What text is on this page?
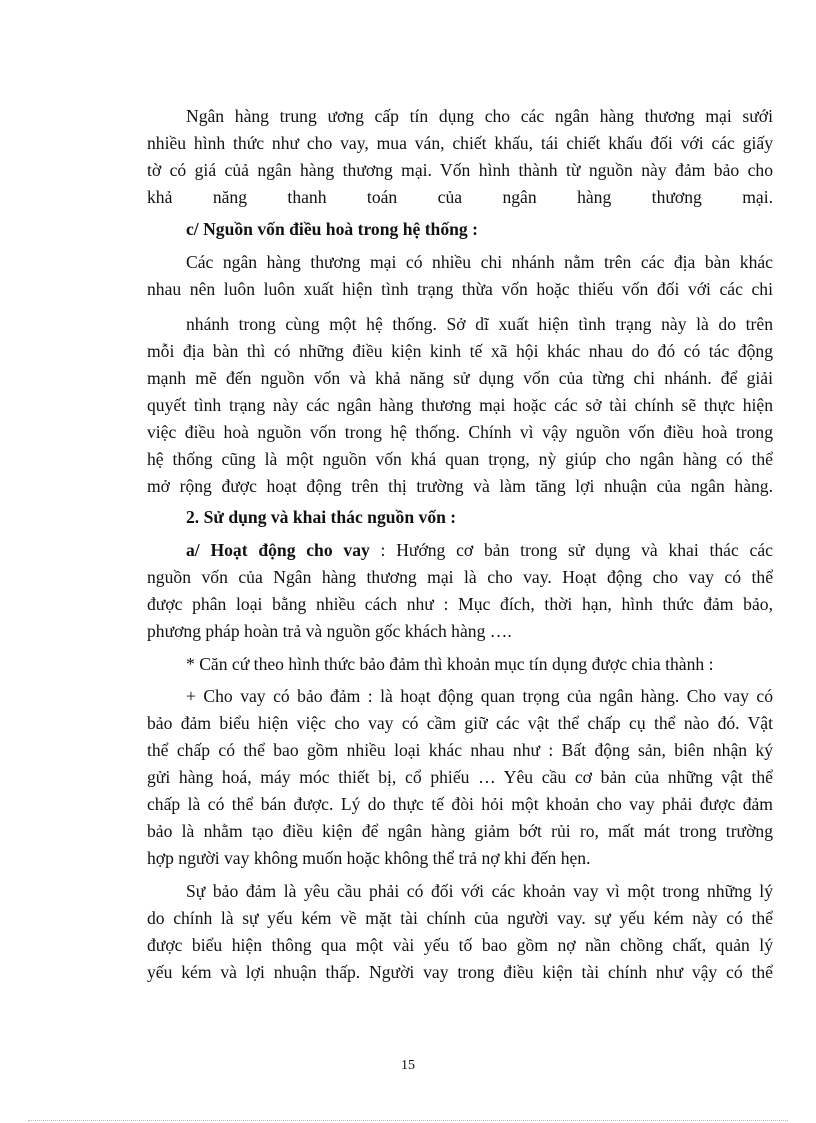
Ngân hàng trung ương cấp tín dụng cho các ngân hàng thương mại sưới
nhiều hình thức như cho vay, mua ván, chiết khấu, tái chiết khấu đối với các giấy
tờ có giá củả ngân hàng thương mại. Vốn hình thành từ nguồn này đảm bảo cho
khả năng thanh toán của ngân hàng thương mại.
c/ Nguồn vốn điều hoà trong hệ thống :
Các ngân hàng thương mại có nhiều chi nhánh nằm trên các địa bàn khác
nhau nên luôn luôn xuất hiện tình trạng thừa vốn hoặc thiếu vốn đối với các chi
nhánh trong cùng một hệ thống. Sở dĩ xuất hiện tình trạng này là do trên
mỗi địa bàn thì có những điều kiện kinh tế xã hội khác nhau do đó có tác động
mạnh mẽ đến nguồn vốn và khả năng sử dụng vốn của từng chi nhánh. để giải
quyết tình trạng này các ngân hàng thương mại hoặc các sở tài chính sẽ thực hiện
việc điều hoà nguồn vốn trong hệ thống. Chính vì vậy nguồn vốn điều hoà trong
hệ thống cũng là một nguồn vốn khá quan trọng, nỳ giúp cho ngân hàng có thể
mở rộng được hoạt động trên thị trường và làm tăng lợi nhuận của ngân hàng.
2. Sử dụng và khai thác nguồn vốn :
a/ Hoạt động cho vay : Hướng cơ bản trong sử dụng và khai thác các
nguồn vốn của Ngân hàng thương mại là cho vay. Hoạt động cho vay có thể
được phân loại bằng nhiều cách như : Mục đích, thời hạn, hình thức đảm bảo,
phương pháp hoàn trả và nguồn gốc khách hàng ….
* Căn cứ theo hình thức bảo đảm thì khoản mục tín dụng được chia thành :
+ Cho vay có bảo đảm : là hoạt động quan trọng của ngân hàng. Cho vay có
bảo đảm biểu hiện việc cho vay có cầm giữ các vật thể chấp cụ thể nào đó. Vật
thể chấp có thể bao gồm nhiều loại khác nhau như : Bất động sản, biên nhận ký
gửi hàng hoá, máy móc thiết bị, cổ phiếu … Yêu cầu cơ bản của những vật thể
chấp là có thể bán được. Lý do thực tế đòi hỏi một khoản cho vay phải được đảm
bảo là nhằm tạo điều kiện để ngân hàng giảm bớt rủi ro, mất mát trong trường
hợp người vay không muốn hoặc không thể trả nợ khi đến hẹn.
Sự bảo đảm là yêu cầu phải có đối với các khoản vay vì một trong những lý
do chính là sự yếu kém về mặt tài chính của người vay. sự yếu kém này có thể
được biểu hiện thông qua một vài yếu tố bao gồm nợ nần chồng chất, quản lý
yếu kém và lợi nhuận thấp. Người vay trong điều kiện tài chính như vậy có thể
15
